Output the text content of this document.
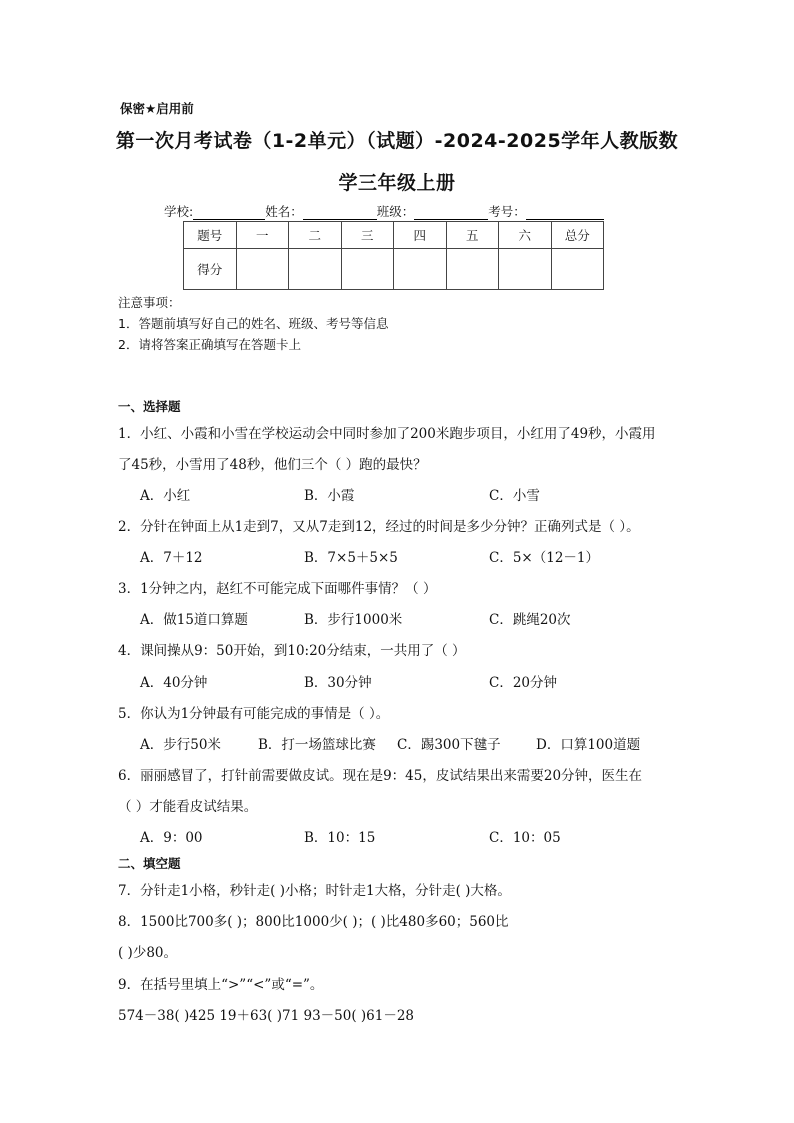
保密★启用前
第一次月考试卷（1-2单元）（试题）-2024-2025学年人教版数
学三年级上册
学校:	姓名：	班级：	考号：
题号	一	二	三	四	五	六	总分
得分							
注意事项：
1．答题前填写好自己的姓名、班级、考号等信息
2．请将答案正确填写在答题卡上
一、选择题
1．小红、小霞和小雪在学校运动会中同时参加了200米跑步项目，小红用了49秒，小霞用
了45秒，小雪用了48秒，他们三个（ ）跑的最快？
A．小红	B．小霞	C．小雪
2．分针在钟面上从1走到7，又从7走到12，经过的时间是多少分钟？正确列式是（ ）。
A．7＋12	B．7×5＋5×5	C．5×（12－1）
3．1分钟之内，赵红不可能完成下面哪件事情？（ ）
A．做15道口算题	B．步行1000米	C．跳绳20次
4．课间操从9：50开始，到10:20分结束，一共用了（ ）
A．40分钟	B．30分钟	C．20分钟
5．你认为1分钟最有可能完成的事情是（ ）。
A．步行50米	B．打一场篮球比赛 C．踢300下毽子	D．口算100道题
6．丽丽感冒了，打针前需要做皮试。现在是9：45，皮试结果出来需要20分钟，医生在
（ ）才能看皮试结果。
A．9：00	B．10：15	C．10：05
二、填空题
7．分针走1小格，秒针走( )小格；时针走1大格，分针走( )大格。
8．1500比700多( )；800比1000少( )；( )比480多60；560比
( )少80。
9．在括号里填上“>”“<”或“=”。
574－38( )425 19＋63( )71 93－50( )61－28
